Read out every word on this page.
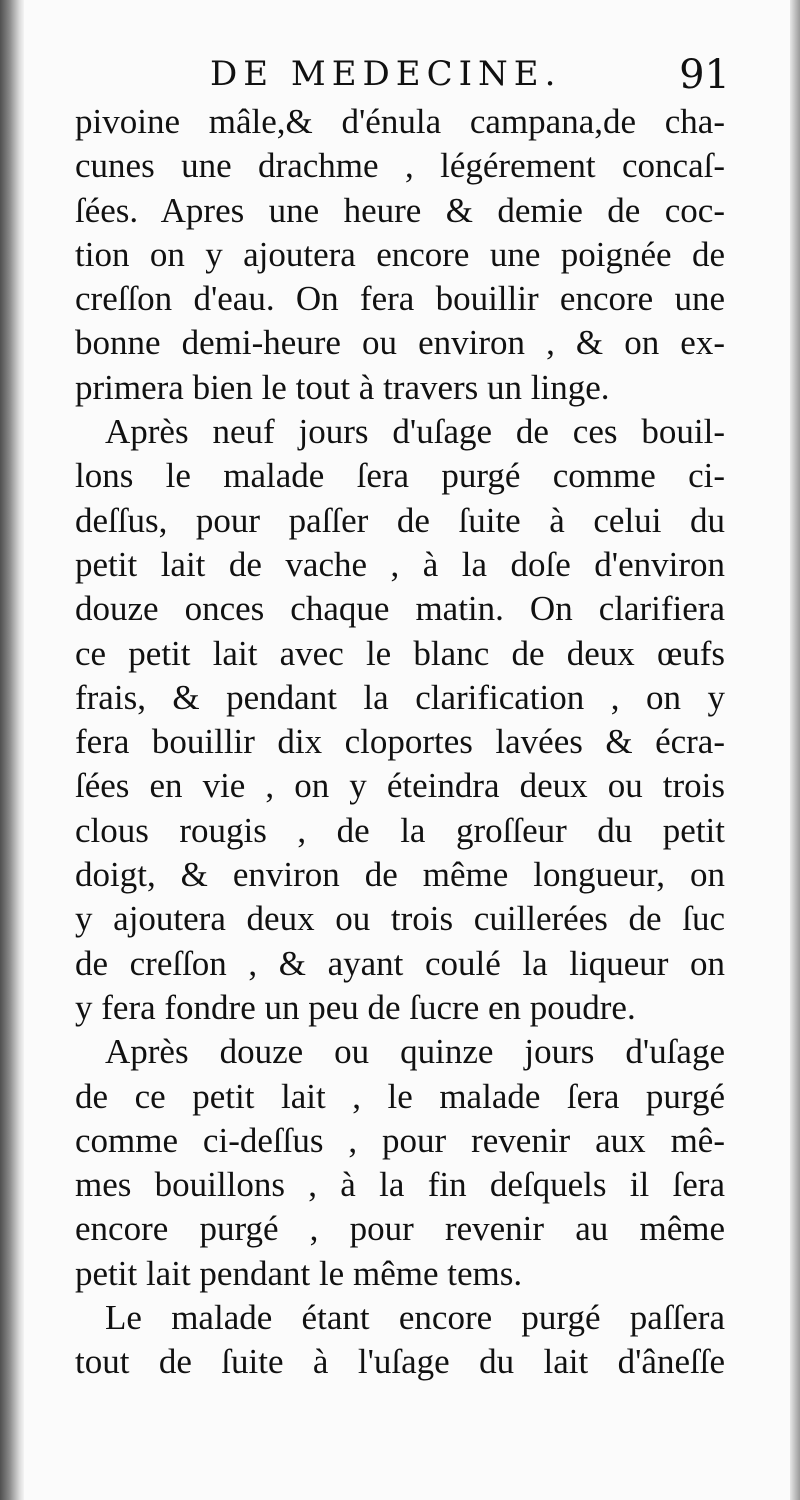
DE MEDECINE.	91
pivoine mâle,& d'énula campana,de cha-
cunes une drachme , légérement concaſ-
ſées. Apres une heure & demie de coc-
tion on y ajoutera encore une poignée de
creſſon d'eau. On fera bouillir encore une
bonne demi-heure ou environ , & on ex-
primera bien le tout à travers un linge.
Après neuf jours d'uſage de ces bouil-
lons le malade ſera purgé comme ci-
deſſus, pour paſſer de ſuite à celui du
petit lait de vache , à la doſe d'environ
douze onces chaque matin. On clarifiera
ce petit lait avec le blanc de deux œufs
frais, & pendant la clarification , on y
fera bouillir dix cloportes lavées & écra-
ſées en vie , on y éteindra deux ou trois
clous rougis , de la groſſeur du petit
doigt, & environ de même longueur, on
y ajoutera deux ou trois cuillerées de ſuc
de creſſon , & ayant coulé la liqueur on
y fera fondre un peu de ſucre en poudre.
Après douze ou quinze jours d'uſage
de ce petit lait , le malade ſera purgé
comme ci-deſſus , pour revenir aux mê-
mes bouillons , à la fin deſquels il ſera
encore purgé , pour revenir au même
petit lait pendant le même tems.
Le malade étant encore purgé paſſera
tout de ſuite à l'uſage du lait d'âneſſe
